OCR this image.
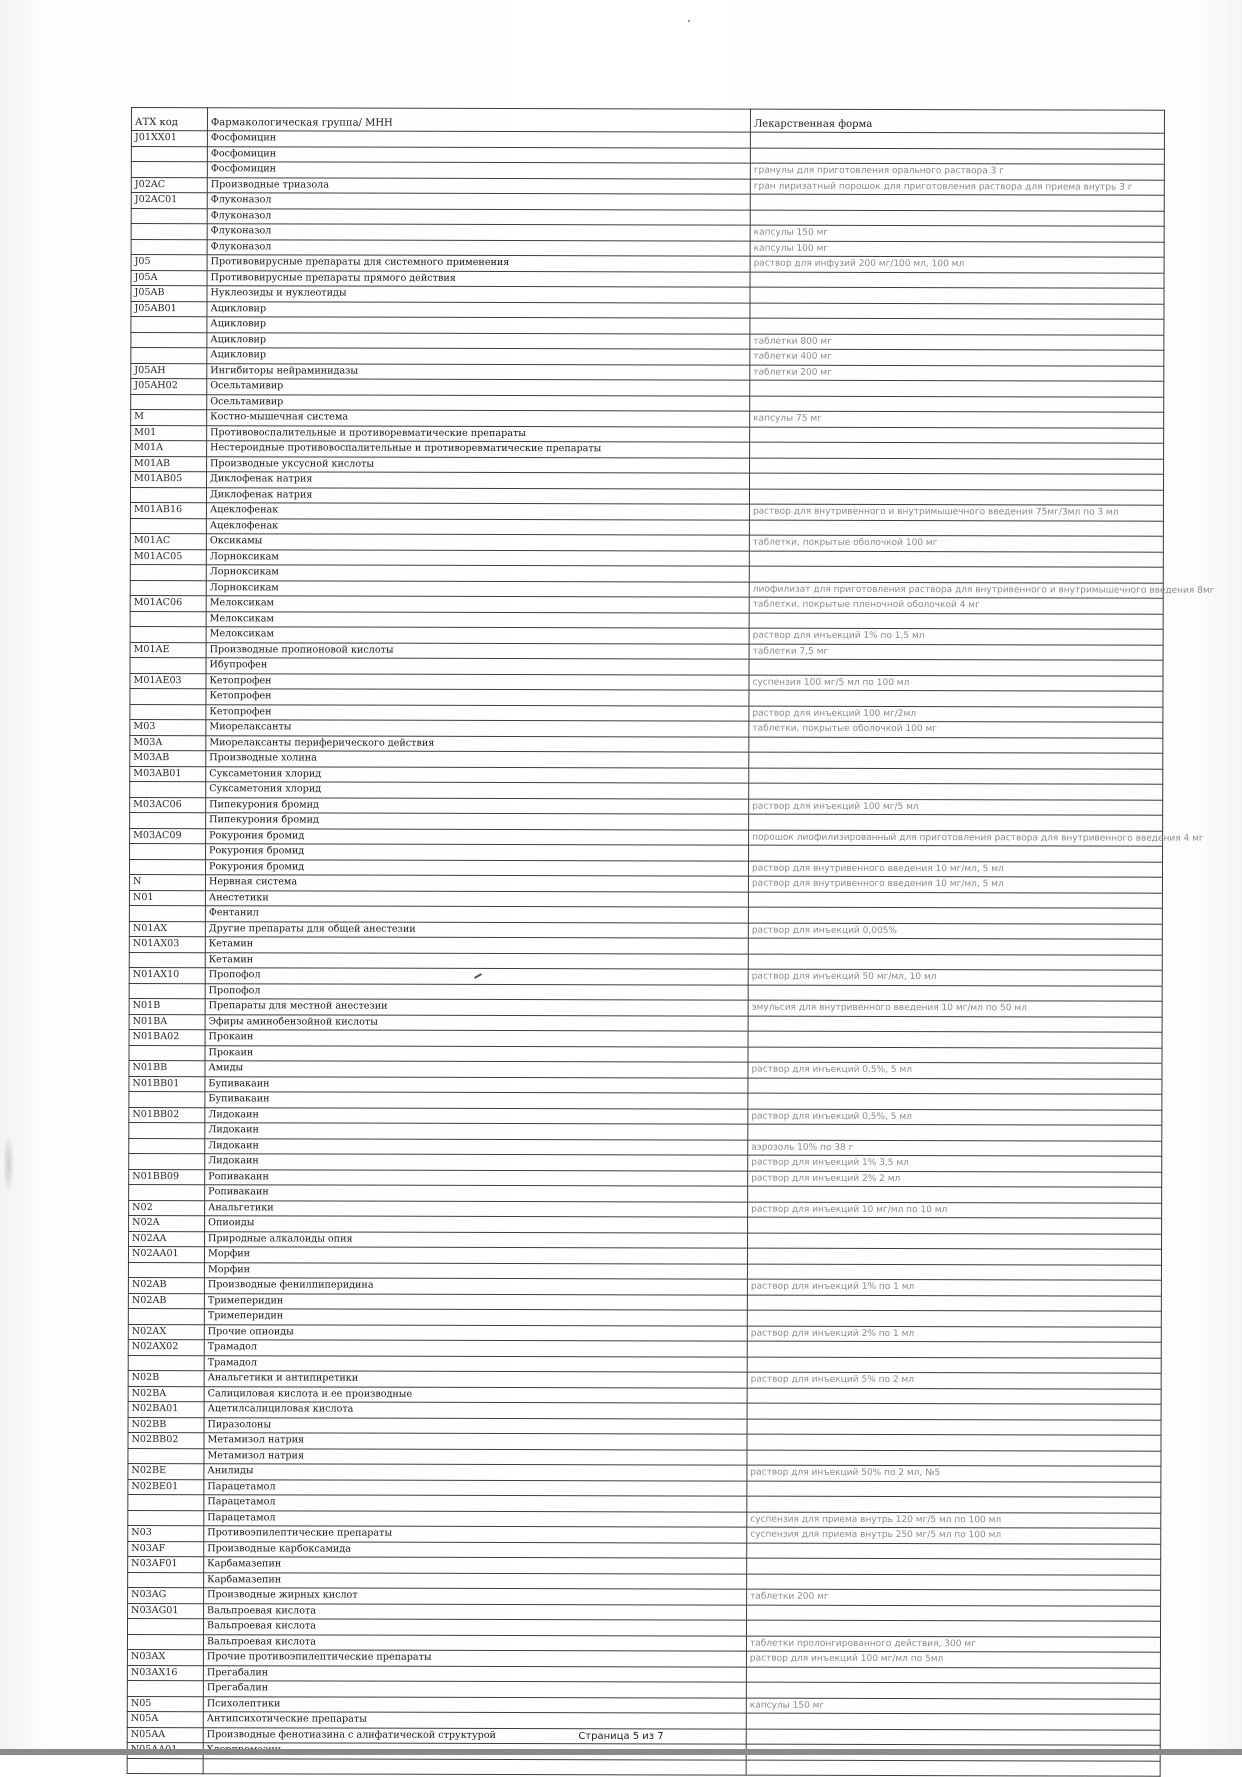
АТХ код	Фармакологическая группа/ МНН	Лекарственная форма
J01XX01	Фосфомицин	
	Фосфомицин	
	Фосфомицин	гранулы для приготовления орального раствора 3 г
J02AC	Производные триазола	гран лиризатный порошок для приготовления раствора для приема внутрь 3 г
J02AC01	Флуконазол	
	Флуконазол	
	Флуконазол	капсулы 150 мг
	Флуконазол	капсулы 100 мг
J05	Противовирусные препараты для системного применения	раствор для инфузий 200 мг/100 мл, 100 мл
J05A	Противовирусные препараты прямого действия	
J05AB	Нуклеозиды и нуклеотиды	
J05AB01	Ацикловир	
	Ацикловир	
	Ацикловир	таблетки 800 мг
	Ацикловир	таблетки 400 мг
J05AH	Ингибиторы нейраминидазы	таблетки 200 мг
J05AH02	Осельтамивир	
	Осельтамивир	
M	Костно-мышечная система	капсулы 75 мг
M01	Противовоспалительные и противоревматические препараты	
M01A	Нестероидные противовоспалительные и противоревматические препараты	
M01AB	Производные уксусной кислоты	
M01AB05	Диклофенак натрия	
	Диклофенак натрия	
M01AB16	Ацеклофенак	раствор для внутривенного и внутримышечного введения 75мг/3мл по 3 мл
	Ацеклофенак	
M01AC	Оксикамы	таблетки, покрытые оболочкой 100 мг
M01AC05	Лорноксикам	
	Лорноксикам	
	Лорноксикам	лиофилизат для приготовления раствора для внутривенного и внутримышечного введения 8мг
M01AC06	Мелоксикам	таблетки, покрытые пленочной оболочкой 4 мг
	Мелоксикам	
	Мелоксикам	раствор для инъекций 1% по 1,5 мл
M01AE	Производные пропионовой кислоты	таблетки 7,5 мг
	Ибупрофен	
M01AE03	Кетопрофен	суспензия 100 мг/5 мл по 100 мл
	Кетопрофен	
	Кетопрофен	раствор для инъекций 100 мг/2мл
M03	Миорелаксанты	таблетки, покрытые оболочкой 100 мг
M03A	Миорелаксанты периферического действия	
M03AB	Производные холина	
M03AB01	Суксаметония хлорид	
	Суксаметония хлорид	
M03AC06	Пипекурония бромид	раствор для инъекций 100 мг/5 мл
	Пипекурония бромид	
M03AC09	Рокурония бромид	порошок лиофилизированный для приготовления раствора для внутривенного введения 4 мг
	Рокурония бромид	
	Рокурония бромид	раствор для внутривенного введения 10 мг/мл, 5 мл
N	Нервная система	раствор для внутривенного введения 10 мг/мл, 5 мл
N01	Анестетики	
	Фентанил	
N01AX	Другие препараты для общей анестезии	раствор для инъекций 0,005%
N01AX03	Кетамин	
	Кетамин	
N01AX10	Пропофол	раствор для инъекций 50 мг/мл, 10 мл
	Пропофол	
N01B	Препараты для местной анестезии	эмульсия для внутривенного введения 10 мг/мл по 50 мл
N01BA	Эфиры аминобензойной кислоты	
N01BA02	Прокаин	
	Прокаин	
N01BB	Амиды	раствор для инъекций 0,5%, 5 мл
N01BB01	Бупивакаин	
	Бупивакаин	
N01BB02	Лидокаин	раствор для инъекций 0,5%, 5 мл
	Лидокаин	
	Лидокаин	аэрозоль 10% по 38 г
	Лидокаин	раствор для инъекций 1% 3,5 мл
N01BB09	Ропивакаин	раствор для инъекций 2% 2 мл
	Ропивакаин	
N02	Анальгетики	раствор для инъекций 10 мг/мл по 10 мл
N02A	Опиоиды	
N02AA	Природные алкалоиды опия	
N02AA01	Морфин	
	Морфин	
N02AB	Производные фенилпиперидина	раствор для инъекций 1% по 1 мл
N02AB	Тримеперидин	
	Тримеперидин	
N02AX	Прочие опиоиды	раствор для инъекций 2% по 1 мл
N02AX02	Трамадол	
	Трамадол	
N02B	Анальгетики и антипиретики	раствор для инъекций 5% по 2 мл
N02BA	Салициловая кислота и ее производные	
N02BA01	Ацетилсалициловая кислота	
N02BB	Пиразолоны	
N02BB02	Метамизол натрия	
	Метамизол натрия	
N02BE	Анилиды	раствор для инъекций 50% по 2 мл, №5
N02BE01	Парацетамол	
	Парацетамол	
	Парацетамол	суспензия для приема внутрь 120 мг/5 мл по 100 мл
N03	Противоэпилептические препараты	суспензия для приема внутрь 250 мг/5 мл по 100 мл
N03AF	Производные карбоксамида	
N03AF01	Карбамазепин	
	Карбамазепин	
N03AG	Производные жирных кислот	таблетки 200 мг
N03AG01	Вальпроевая кислота	
	Вальпроевая кислота	
	Вальпроевая кислота	таблетки пролонгированного действия, 300 мг
N03AX	Прочие противоэпилептические препараты	раствор для инъекций 100 мг/мл по 5мл
N03AX16	Прегабалин	
	Прегабалин	
N05	Психолептики	капсулы 150 мг
N05A	Антипсихотические препараты	
N05AA	Производные фенотиазина с алифатической структурой	

			Страница 5 из 7
